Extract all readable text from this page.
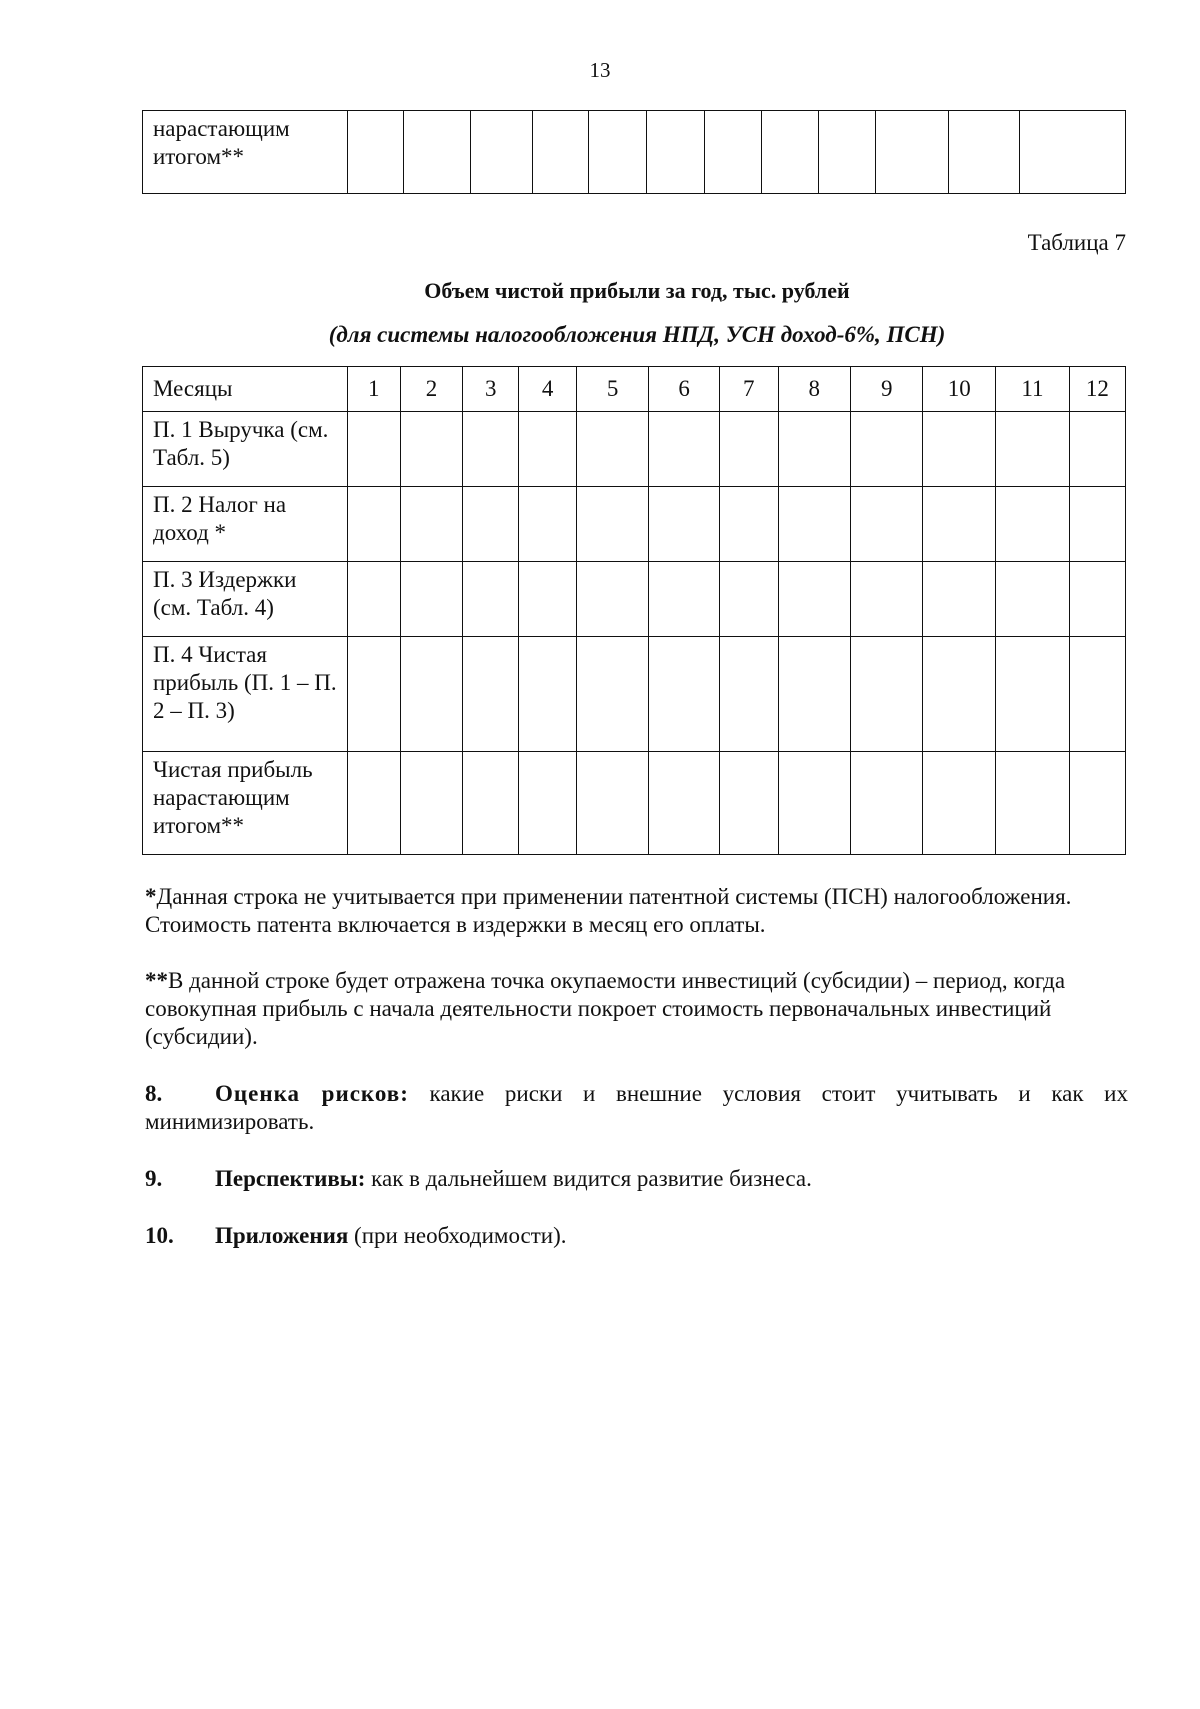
13
нарастающим итогом**												
Таблица 7
Объем чистой прибыли за год, тыс. рублей
(для системы налогообложения НПД, УСН доход-6%, ПСН)
Месяцы	1	2	3	4	5	6	7	8	9	10	11	12
П. 1 Выручка (см. Табл. 5)												
П. 2 Налог на доход *												
П. 3 Издержки (см. Табл. 4)												
П. 4 Чистая прибыль (П. 1 – П. 2 – П. 3)												
Чистая прибыль нарастающим итогом**												
*Данная строка не учитывается при применении патентной системы (ПСН) налогообложения. Стоимость патента включается в издержки в месяц его оплаты.
**В данной строке будет отражена точка окупаемости инвестиций (субсидии) – период, когда совокупная прибыль с начала деятельности покроет стоимость первоначальных инвестиций (субсидии).
8. Оценка рисков: какие риски и внешние условия стоит учитывать и как их минимизировать.
9. Перспективы: как в дальнейшем видится развитие бизнеса.
10. Приложения (при необходимости).
